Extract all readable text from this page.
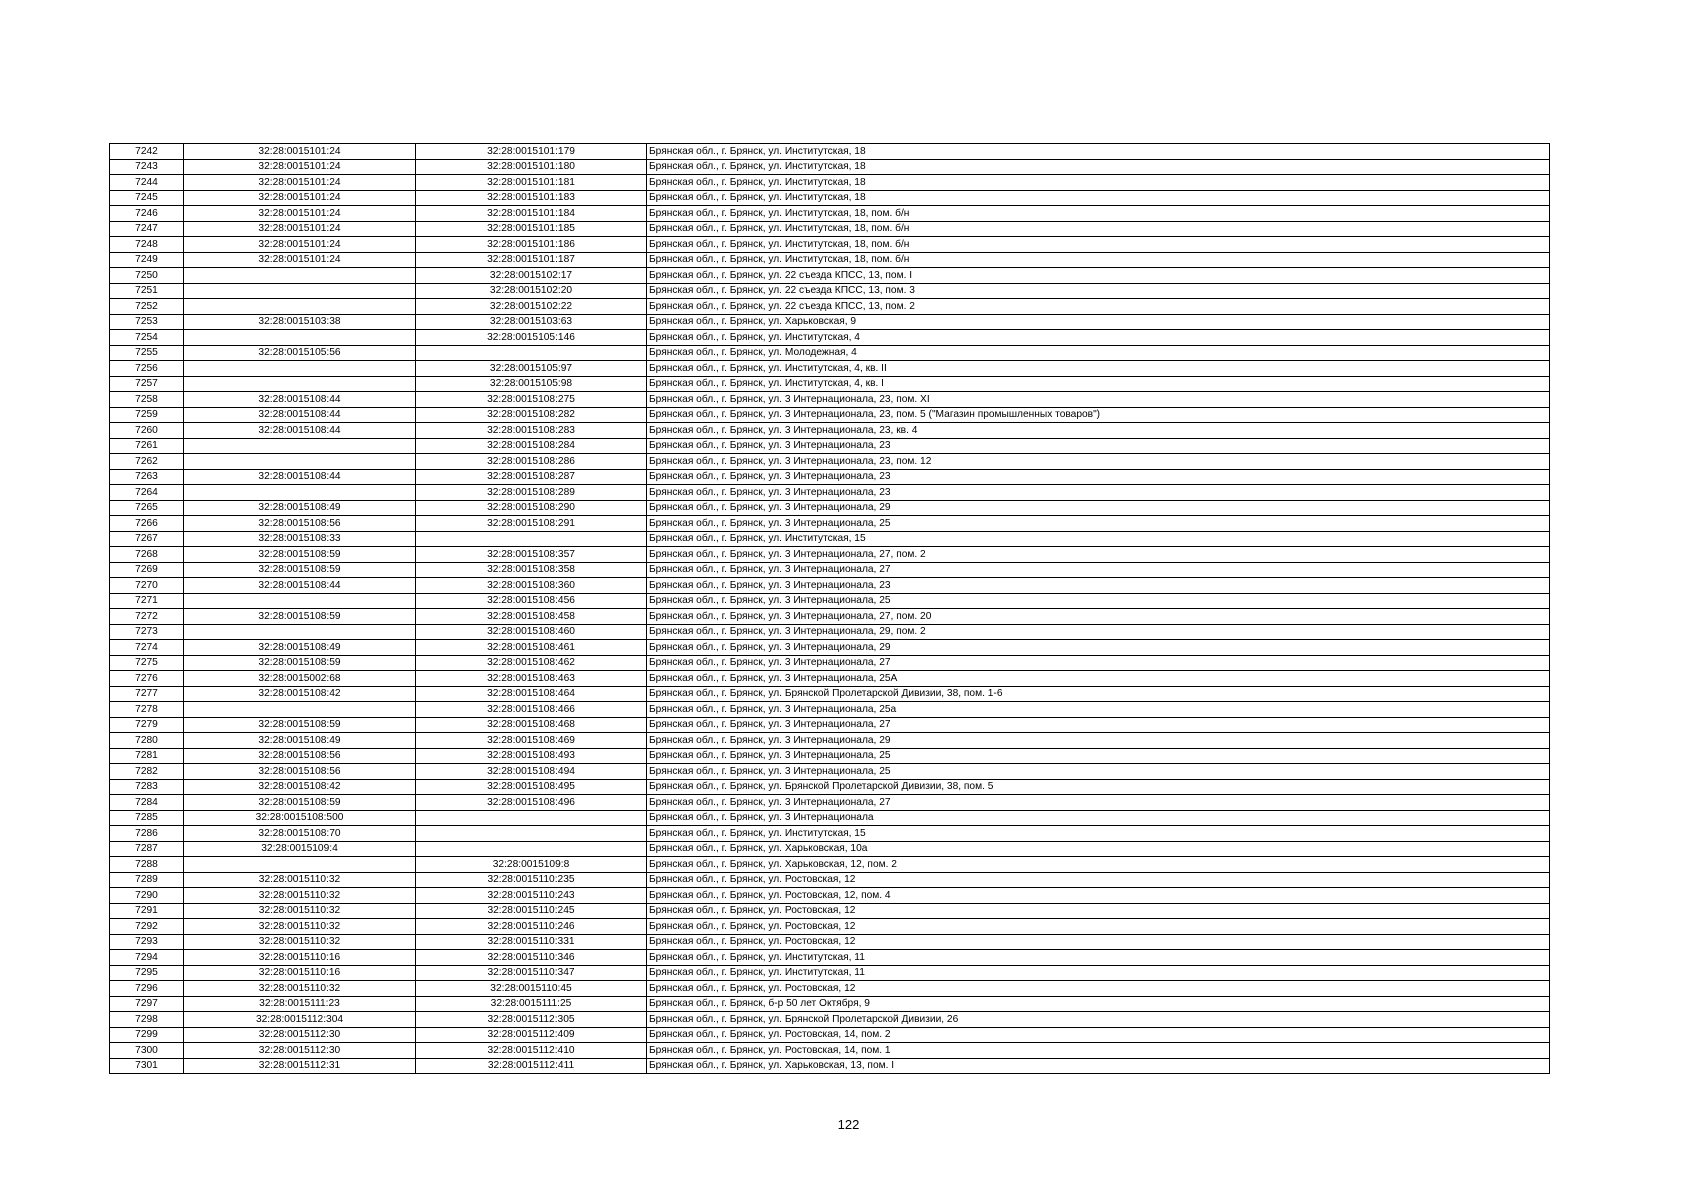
7242	32:28:0015101:24	32:28:0015101:179	Брянская обл., г. Брянск, ул. Институтская, 18
7243	32:28:0015101:24	32:28:0015101:180	Брянская обл., г. Брянск, ул. Институтская, 18
7244	32:28:0015101:24	32:28:0015101:181	Брянская обл., г. Брянск, ул. Институтская, 18
7245	32:28:0015101:24	32:28:0015101:183	Брянская обл., г. Брянск, ул. Институтская, 18
7246	32:28:0015101:24	32:28:0015101:184	Брянская обл., г. Брянск, ул. Институтская, 18, пом. б/н
7247	32:28:0015101:24	32:28:0015101:185	Брянская обл., г. Брянск, ул. Институтская, 18, пом. б/н
7248	32:28:0015101:24	32:28:0015101:186	Брянская обл., г. Брянск, ул. Институтская, 18, пом. б/н
7249	32:28:0015101:24	32:28:0015101:187	Брянская обл., г. Брянск, ул. Институтская, 18, пом. б/н
7250		32:28:0015102:17	Брянская обл., г. Брянск, ул. 22 съезда КПСС, 13, пом. I
7251		32:28:0015102:20	Брянская обл., г. Брянск, ул. 22 съезда КПСС, 13, пом. 3
7252		32:28:0015102:22	Брянская обл., г. Брянск, ул. 22 съезда КПСС, 13, пом. 2
7253	32:28:0015103:38	32:28:0015103:63	Брянская обл., г. Брянск, ул. Харьковская, 9
7254		32:28:0015105:146	Брянская обл., г. Брянск, ул. Институтская, 4
7255	32:28:0015105:56		Брянская обл., г. Брянск, ул. Молодежная, 4
7256		32:28:0015105:97	Брянская обл., г. Брянск, ул. Институтская, 4, кв. II
7257		32:28:0015105:98	Брянская обл., г. Брянск, ул. Институтская, 4, кв. I
7258	32:28:0015108:44	32:28:0015108:275	Брянская обл., г. Брянск, ул. 3 Интернационала, 23, пом. XI
7259	32:28:0015108:44	32:28:0015108:282	Брянская обл., г. Брянск, ул. 3 Интернационала, 23, пом. 5 ("Магазин промышленных товаров")
7260	32:28:0015108:44	32:28:0015108:283	Брянская обл., г. Брянск, ул. 3 Интернационала, 23, кв. 4
7261		32:28:0015108:284	Брянская обл., г. Брянск, ул. 3 Интернационала, 23
7262		32:28:0015108:286	Брянская обл., г. Брянск, ул. 3 Интернационала, 23, пом. 12
7263	32:28:0015108:44	32:28:0015108:287	Брянская обл., г. Брянск, ул. 3 Интернационала, 23
7264		32:28:0015108:289	Брянская обл., г. Брянск, ул. 3 Интернационала, 23
7265	32:28:0015108:49	32:28:0015108:290	Брянская обл., г. Брянск, ул. 3 Интернационала, 29
7266	32:28:0015108:56	32:28:0015108:291	Брянская обл., г. Брянск, ул. 3 Интернационала, 25
7267	32:28:0015108:33		Брянская обл., г. Брянск, ул. Институтская, 15
7268	32:28:0015108:59	32:28:0015108:357	Брянская обл., г. Брянск, ул. 3 Интернационала, 27, пом. 2
7269	32:28:0015108:59	32:28:0015108:358	Брянская обл., г. Брянск, ул. 3 Интернационала, 27
7270	32:28:0015108:44	32:28:0015108:360	Брянская обл., г. Брянск, ул. 3 Интернационала, 23
7271		32:28:0015108:456	Брянская обл., г. Брянск, ул. 3 Интернационала, 25
7272	32:28:0015108:59	32:28:0015108:458	Брянская обл., г. Брянск, ул. 3 Интернационала, 27, пом. 20
7273		32:28:0015108:460	Брянская обл., г. Брянск, ул. 3 Интернационала, 29, пом. 2
7274	32:28:0015108:49	32:28:0015108:461	Брянская обл., г. Брянск, ул. 3 Интернационала, 29
7275	32:28:0015108:59	32:28:0015108:462	Брянская обл., г. Брянск, ул. 3 Интернационала, 27
7276	32:28:0015002:68	32:28:0015108:463	Брянская обл., г. Брянск, ул. 3 Интернационала, 25А
7277	32:28:0015108:42	32:28:0015108:464	Брянская обл., г. Брянск, ул. Брянской Пролетарской Дивизии, 38, пом. 1-6
7278		32:28:0015108:466	Брянская обл., г. Брянск, ул. 3 Интернационала, 25а
7279	32:28:0015108:59	32:28:0015108:468	Брянская обл., г. Брянск, ул. 3 Интернационала, 27
7280	32:28:0015108:49	32:28:0015108:469	Брянская обл., г. Брянск, ул. 3 Интернационала, 29
7281	32:28:0015108:56	32:28:0015108:493	Брянская обл., г. Брянск, ул. 3 Интернационала, 25
7282	32:28:0015108:56	32:28:0015108:494	Брянская обл., г. Брянск, ул. 3 Интернационала, 25
7283	32:28:0015108:42	32:28:0015108:495	Брянская обл., г. Брянск, ул. Брянской Пролетарской Дивизии, 38, пом. 5
7284	32:28:0015108:59	32:28:0015108:496	Брянская обл., г. Брянск, ул. 3 Интернационала, 27
7285	32:28:0015108:500		Брянская обл., г. Брянск, ул. 3 Интернационала
7286	32:28:0015108:70		Брянская обл., г. Брянск, ул. Институтская, 15
7287	32:28:0015109:4		Брянская обл., г. Брянск, ул. Харьковская, 10а
7288		32:28:0015109:8	Брянская обл., г. Брянск, ул. Харьковская, 12, пом. 2
7289	32:28:0015110:32	32:28:0015110:235	Брянская обл., г. Брянск, ул. Ростовская, 12
7290	32:28:0015110:32	32:28:0015110:243	Брянская обл., г. Брянск, ул. Ростовская, 12, пом. 4
7291	32:28:0015110:32	32:28:0015110:245	Брянская обл., г. Брянск, ул. Ростовская, 12
7292	32:28:0015110:32	32:28:0015110:246	Брянская обл., г. Брянск, ул. Ростовская, 12
7293	32:28:0015110:32	32:28:0015110:331	Брянская обл., г. Брянск, ул. Ростовская, 12
7294	32:28:0015110:16	32:28:0015110:346	Брянская обл., г. Брянск, ул. Институтская, 11
7295	32:28:0015110:16	32:28:0015110:347	Брянская обл., г. Брянск, ул. Институтская, 11
7296	32:28:0015110:32	32:28:0015110:45	Брянская обл., г. Брянск, ул. Ростовская, 12
7297	32:28:0015111:23	32:28:0015111:25	Брянская обл., г. Брянск, б-р 50 лет Октября, 9
7298	32:28:0015112:304	32:28:0015112:305	Брянская обл., г. Брянск, ул. Брянской Пролетарской Дивизии, 26
7299	32:28:0015112:30	32:28:0015112:409	Брянская обл., г. Брянск, ул. Ростовская, 14, пом. 2
7300	32:28:0015112:30	32:28:0015112:410	Брянская обл., г. Брянск, ул. Ростовская, 14, пом. 1
7301	32:28:0015112:31	32:28:0015112:411	Брянская обл., г. Брянск, ул. Харьковская, 13, пом. I
122
